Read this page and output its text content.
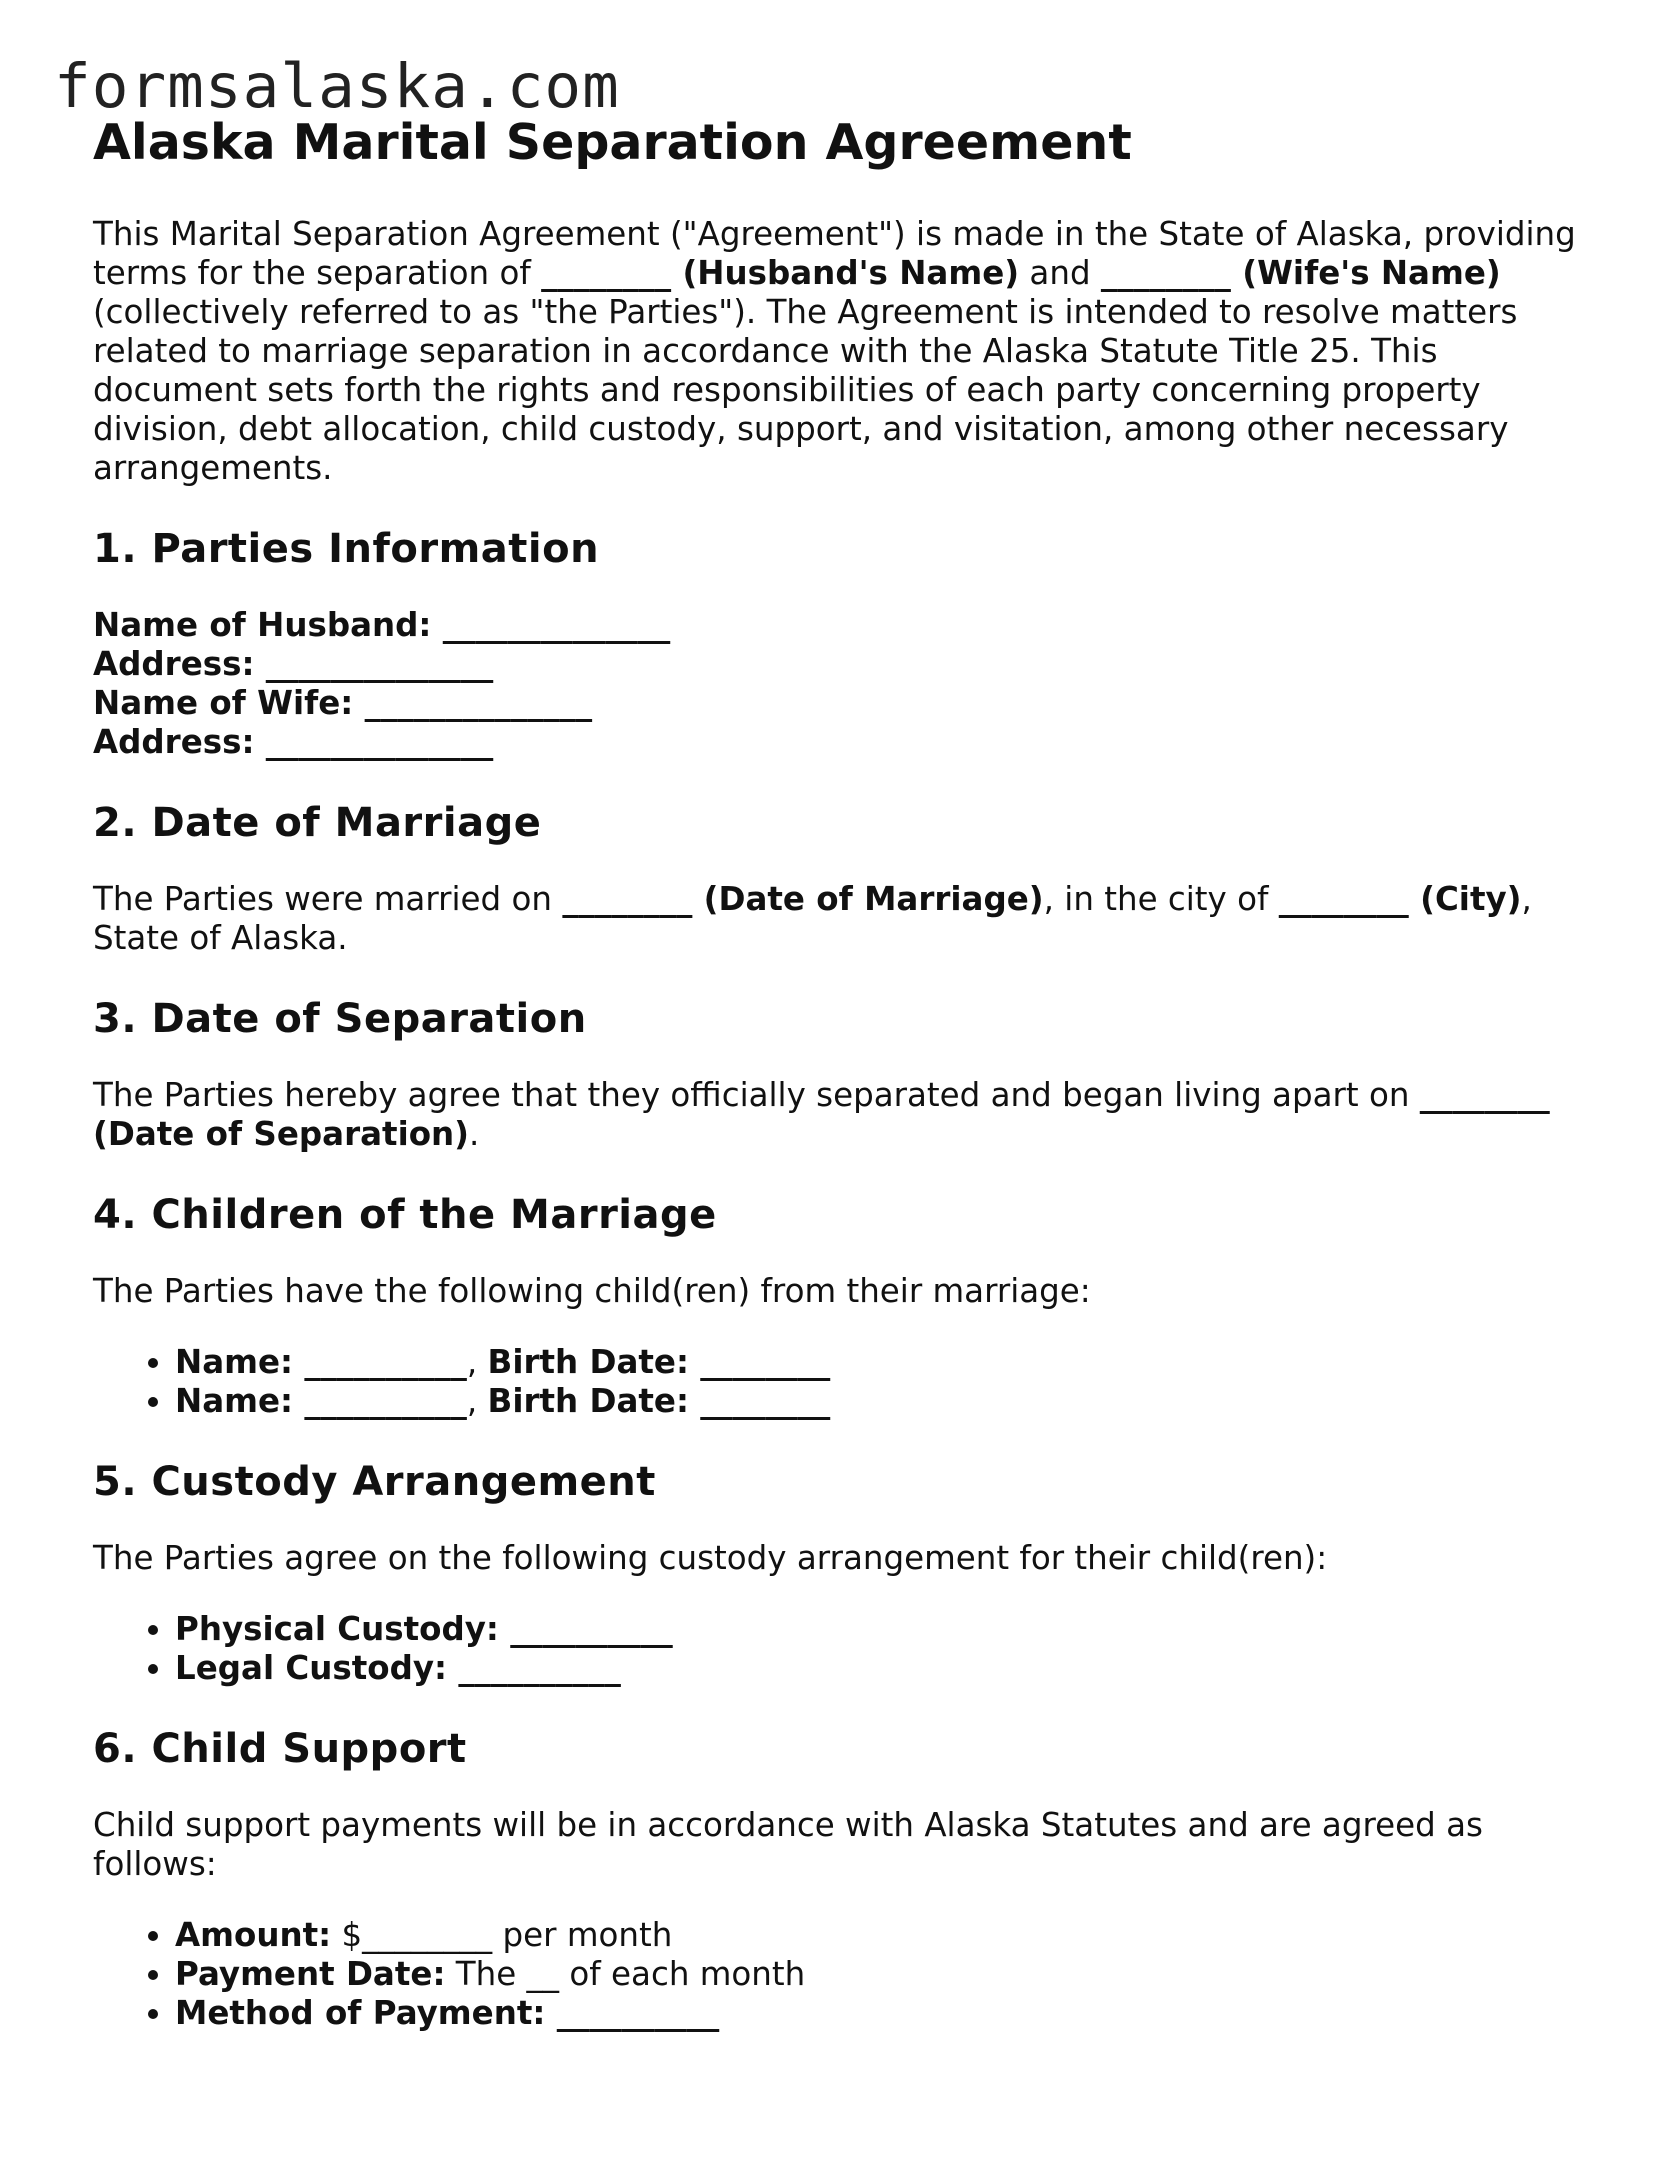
formsalaska.com
Alaska Marital Separation Agreement

This Marital Separation Agreement ("Agreement") is made in the State of Alaska, providing terms for the separation of ________ (Husband's Name) and ________ (Wife's Name) (collectively referred to as "the Parties"). The Agreement is intended to resolve matters related to marriage separation in accordance with the Alaska Statute Title 25. This document sets forth the rights and responsibilities of each party concerning property division, debt allocation, child custody, support, and visitation, among other necessary arrangements.

1. Parties Information
Name of Husband: ______________
Address: ______________
Name of Wife: ______________
Address: ______________
2. Date of Marriage

The Parties were married on ________ (Date of Marriage), in the city of ________ (City), State of Alaska.

3. Date of Separation

The Parties hereby agree that they officially separated and began living apart on ________ (Date of Separation).

4. Children of the Marriage

The Parties have the following child(ren) from their marriage:

• Name: __________, Birth Date: ________
• Name: __________, Birth Date: ________
5. Custody Arrangement

The Parties agree on the following custody arrangement for their child(ren):

• Physical Custody: __________
• Legal Custody: __________
6. Child Support

Child support payments will be in accordance with Alaska Statutes and are agreed as follows:

• Amount: $________ per month
• Payment Date: The __ of each month
• Method of Payment: __________
